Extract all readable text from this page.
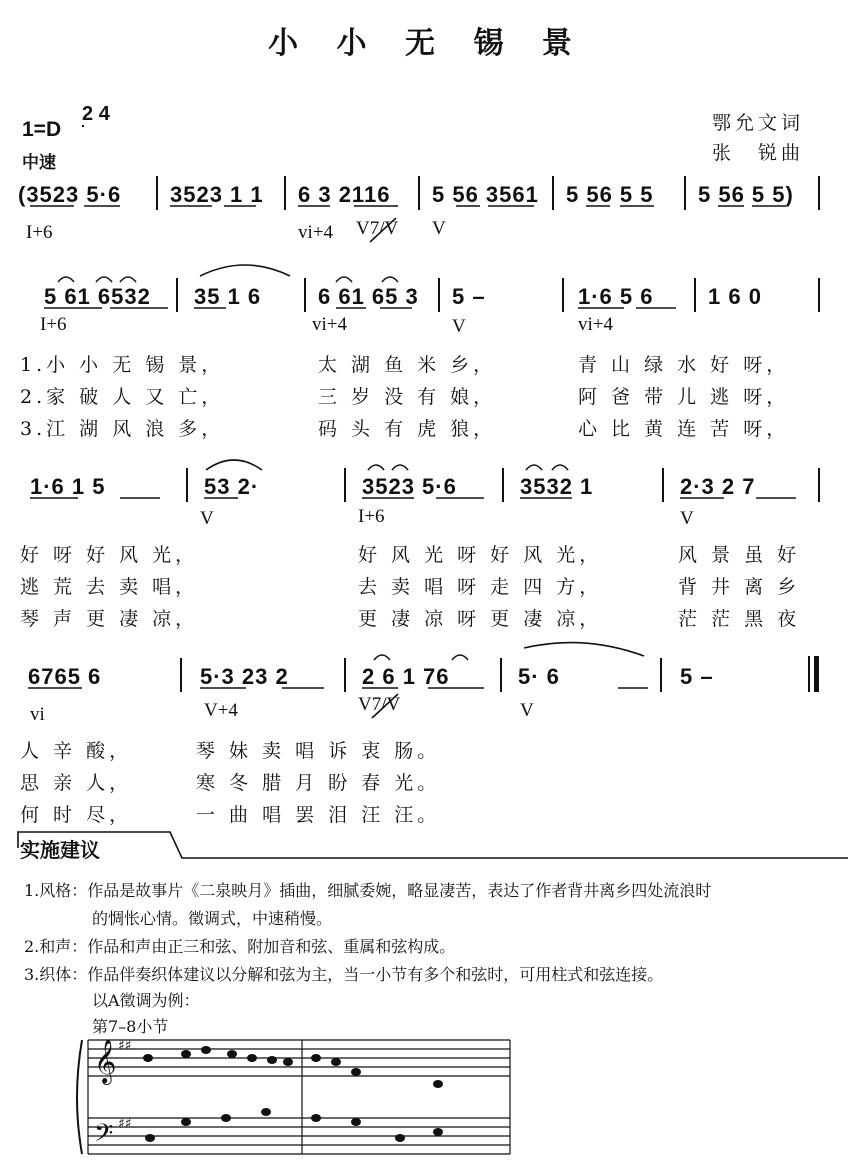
小 小 无 锡 景
鄂允文词
张　锐曲
1=D
2 4
中速
(3523 5·6 3523 1 1 6 3 2116 5 56 3561 5 56 5 5 5 56 5 5)
I+6	vi+4 V7/V V
5 61 6532 35 1 6	6 61 65 3 5 –	1·6 5 6 1 6 0
I+6	vi+4	V	vi+4
1.小 小 无 锡 景，	太 湖 鱼 米 乡，	青 山 绿 水 好 呀，
2.家 破 人 又 亡，	三 岁 没 有 娘，	阿 爸 带 儿 逃 呀，
3.江 湖 风 浪 多，	码 头 有 虎 狼，	心 比 黄 连 苦 呀，
1·6 1 5	53 2·	3523 5·6	3532 1	2·3 2 7
V	I+6	V
好 呀 好 风 光，	好 风 光 呀 好 风 光，	风 景 虽 好
逃 荒 去 卖 唱，	去 卖 唱 呀 走 四 方，	背 井 离 乡
琴 声 更 凄 凉，	更 凄 凉 呀 更 凄 凉，	茫 茫 黑 夜
6765 6	5·3 23 2	2 6 1 76	5· 6	5 –
vi	V+4	V7/V	V
人 辛 酸，	琴 妹 卖 唱 诉 衷 肠。
思 亲 人，	寒 冬 腊 月 盼 春 光。
何 时 尽，	一 曲 唱 罢 泪 汪 汪。
𝄞
𝄢
♯♯
♯♯
实施建议
1.风格：作品是故事片《二泉映月》插曲，细腻委婉，略显凄苦，表达了作者背井离乡四处流浪时
的惆怅心情。徵调式，中速稍慢。
2.和声：作品和声由正三和弦、附加音和弦、重属和弦构成。
3.织体：作品伴奏织体建议以分解和弦为主，当一小节有多个和弦时，可用柱式和弦连接。
以A徵调为例：
第7–8小节
